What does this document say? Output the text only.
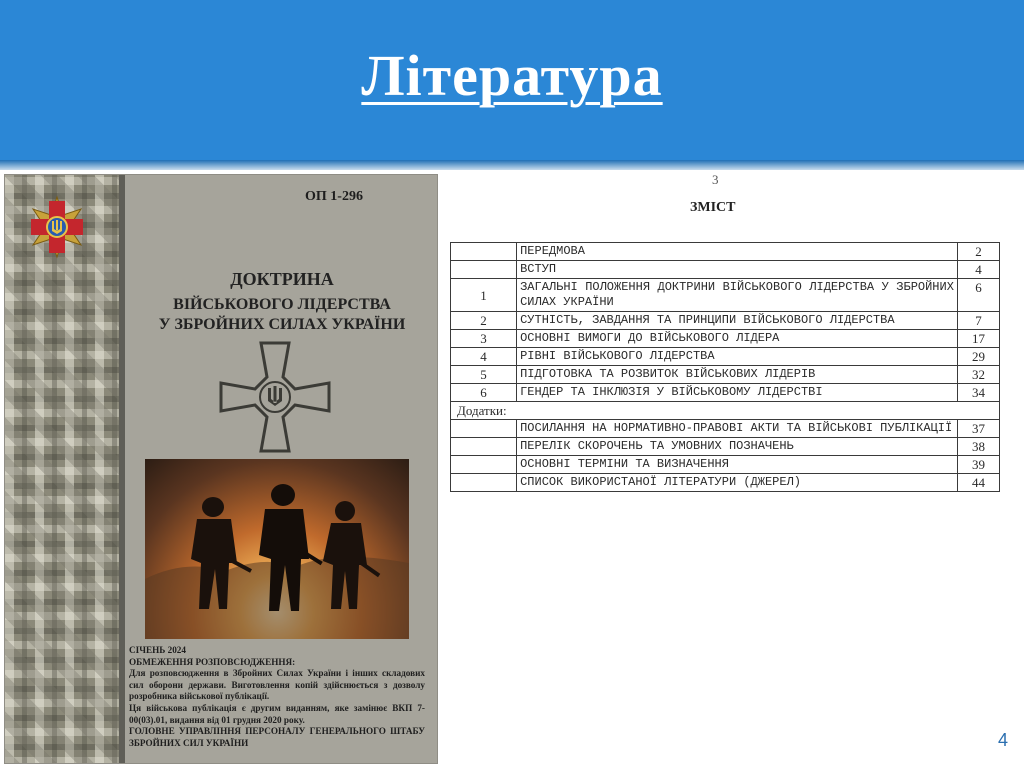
Література
ОП 1-296
ДОКТРИНА
ВІЙСЬКОВОГО ЛІДЕРСТВА
У ЗБРОЙНИХ СИЛАХ УКРАЇНИ
СІЧЕНЬ 2024
ОБМЕЖЕННЯ РОЗПОВСЮДЖЕННЯ:
Для розповсюдження в Збройних Силах України і інших складових сил оборони держави. Виготовлення копій здійснюється з дозволу розробника військової публікації.
Ця військова публікація є другим виданням, яке замінює ВКП 7-00(03).01, видання від 01 грудня 2020 року.
ГОЛОВНЕ УПРАВЛІННЯ ПЕРСОНАЛУ ГЕНЕРАЛЬНОГО ШТАБУ ЗБРОЙНИХ СИЛ УКРАЇНИ
3
ЗМІСТ
	ПЕРЕДМОВА	2
	ВСТУП	4
1	ЗАГАЛЬНІ ПОЛОЖЕННЯ ДОКТРИНИ ВІЙСЬКОВОГО ЛІДЕРСТВА У ЗБРОЙНИХ СИЛАХ УКРАЇНИ	6
2	СУТНІСТЬ, ЗАВДАННЯ ТА ПРИНЦИПИ ВІЙСЬКОВОГО ЛІДЕРСТВА	7
3	ОСНОВНІ ВИМОГИ ДО ВІЙСЬКОВОГО ЛІДЕРА	17
4	РІВНІ ВІЙСЬКОВОГО ЛІДЕРСТВА	29
5	ПІДГОТОВКА ТА РОЗВИТОК ВІЙСЬКОВИХ ЛІДЕРІВ	32
6	ГЕНДЕР ТА ІНКЛЮЗІЯ У ВІЙСЬКОВОМУ ЛІДЕРСТВІ	34
Додатки:		
	ПОСИЛАННЯ НА НОРМАТИВНО-ПРАВОВІ АКТИ ТА ВІЙСЬКОВІ ПУБЛІКАЦІЇ	37
	ПЕРЕЛІК СКОРОЧЕНЬ ТА УМОВНИХ ПОЗНАЧЕНЬ	38
	ОСНОВНІ ТЕРМІНИ ТА ВИЗНАЧЕННЯ	39
	СПИСОК ВИКОРИСТАНОЇ ЛІТЕРАТУРИ (ДЖЕРЕЛ)	44
4
